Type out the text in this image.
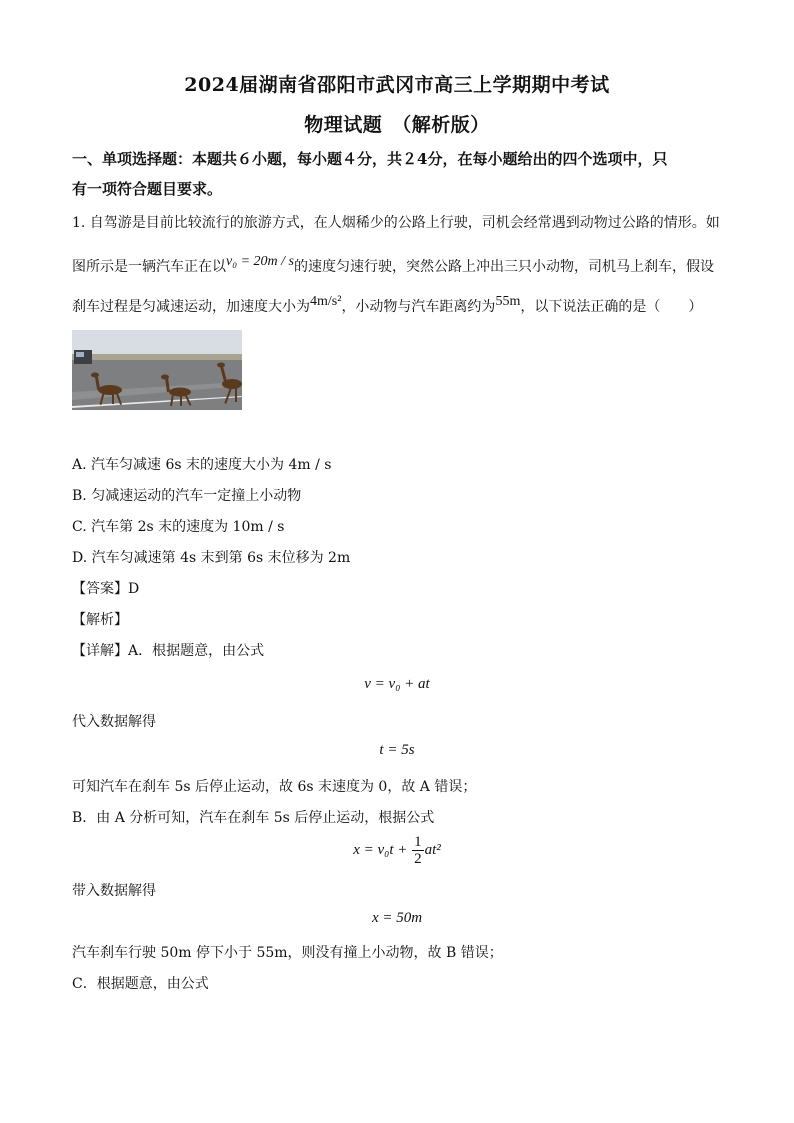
2024届湖南省邵阳市武冈市高三上学期期中考试
物理试题　（解析版）
一、单项选择题：本题共６小题，每小题４分，共２4分，在每小题给出的四个选项中，只
有一项符合题目要求。
1. 自驾游是目前比较流行的旅游方式，在人烟稀少的公路上行驶，司机会经常遇到动物过公路的情形。如
图所示是一辆汽车正在以v₀ = 20m / s的速度匀速行驶，突然公路上冲出三只小动物，司机马上刹车，假设
刹车过程是匀减速运动，加速度大小为4m/s²，小动物与汽车距离约为55m，以下说法正确的是（　　）
A. 汽车匀减速 6s 末的速度大小为 4m / s
B. 匀减速运动的汽车一定撞上小动物
C. 汽车第 2s 末的速度为 10m / s
D. 汽车匀减速第 4s 末到第 6s 末位移为 2m
【答案】D
【解析】
【详解】A．根据题意，由公式
v = v₀ + at
代入数据解得
t = 5s
可知汽车在刹车 5s 后停止运动，故 6s 末速度为 0，故 A 错误；
B．由 A 分析可知，汽车在刹车 5s 后停止运动，根据公式
$x = v_0t + \frac{1}{2} at^2$
带入数据解得
x = 50m
汽车刹车行驶 50m 停下小于 55m，则没有撞上小动物，故 B 错误；
C．根据题意，由公式
